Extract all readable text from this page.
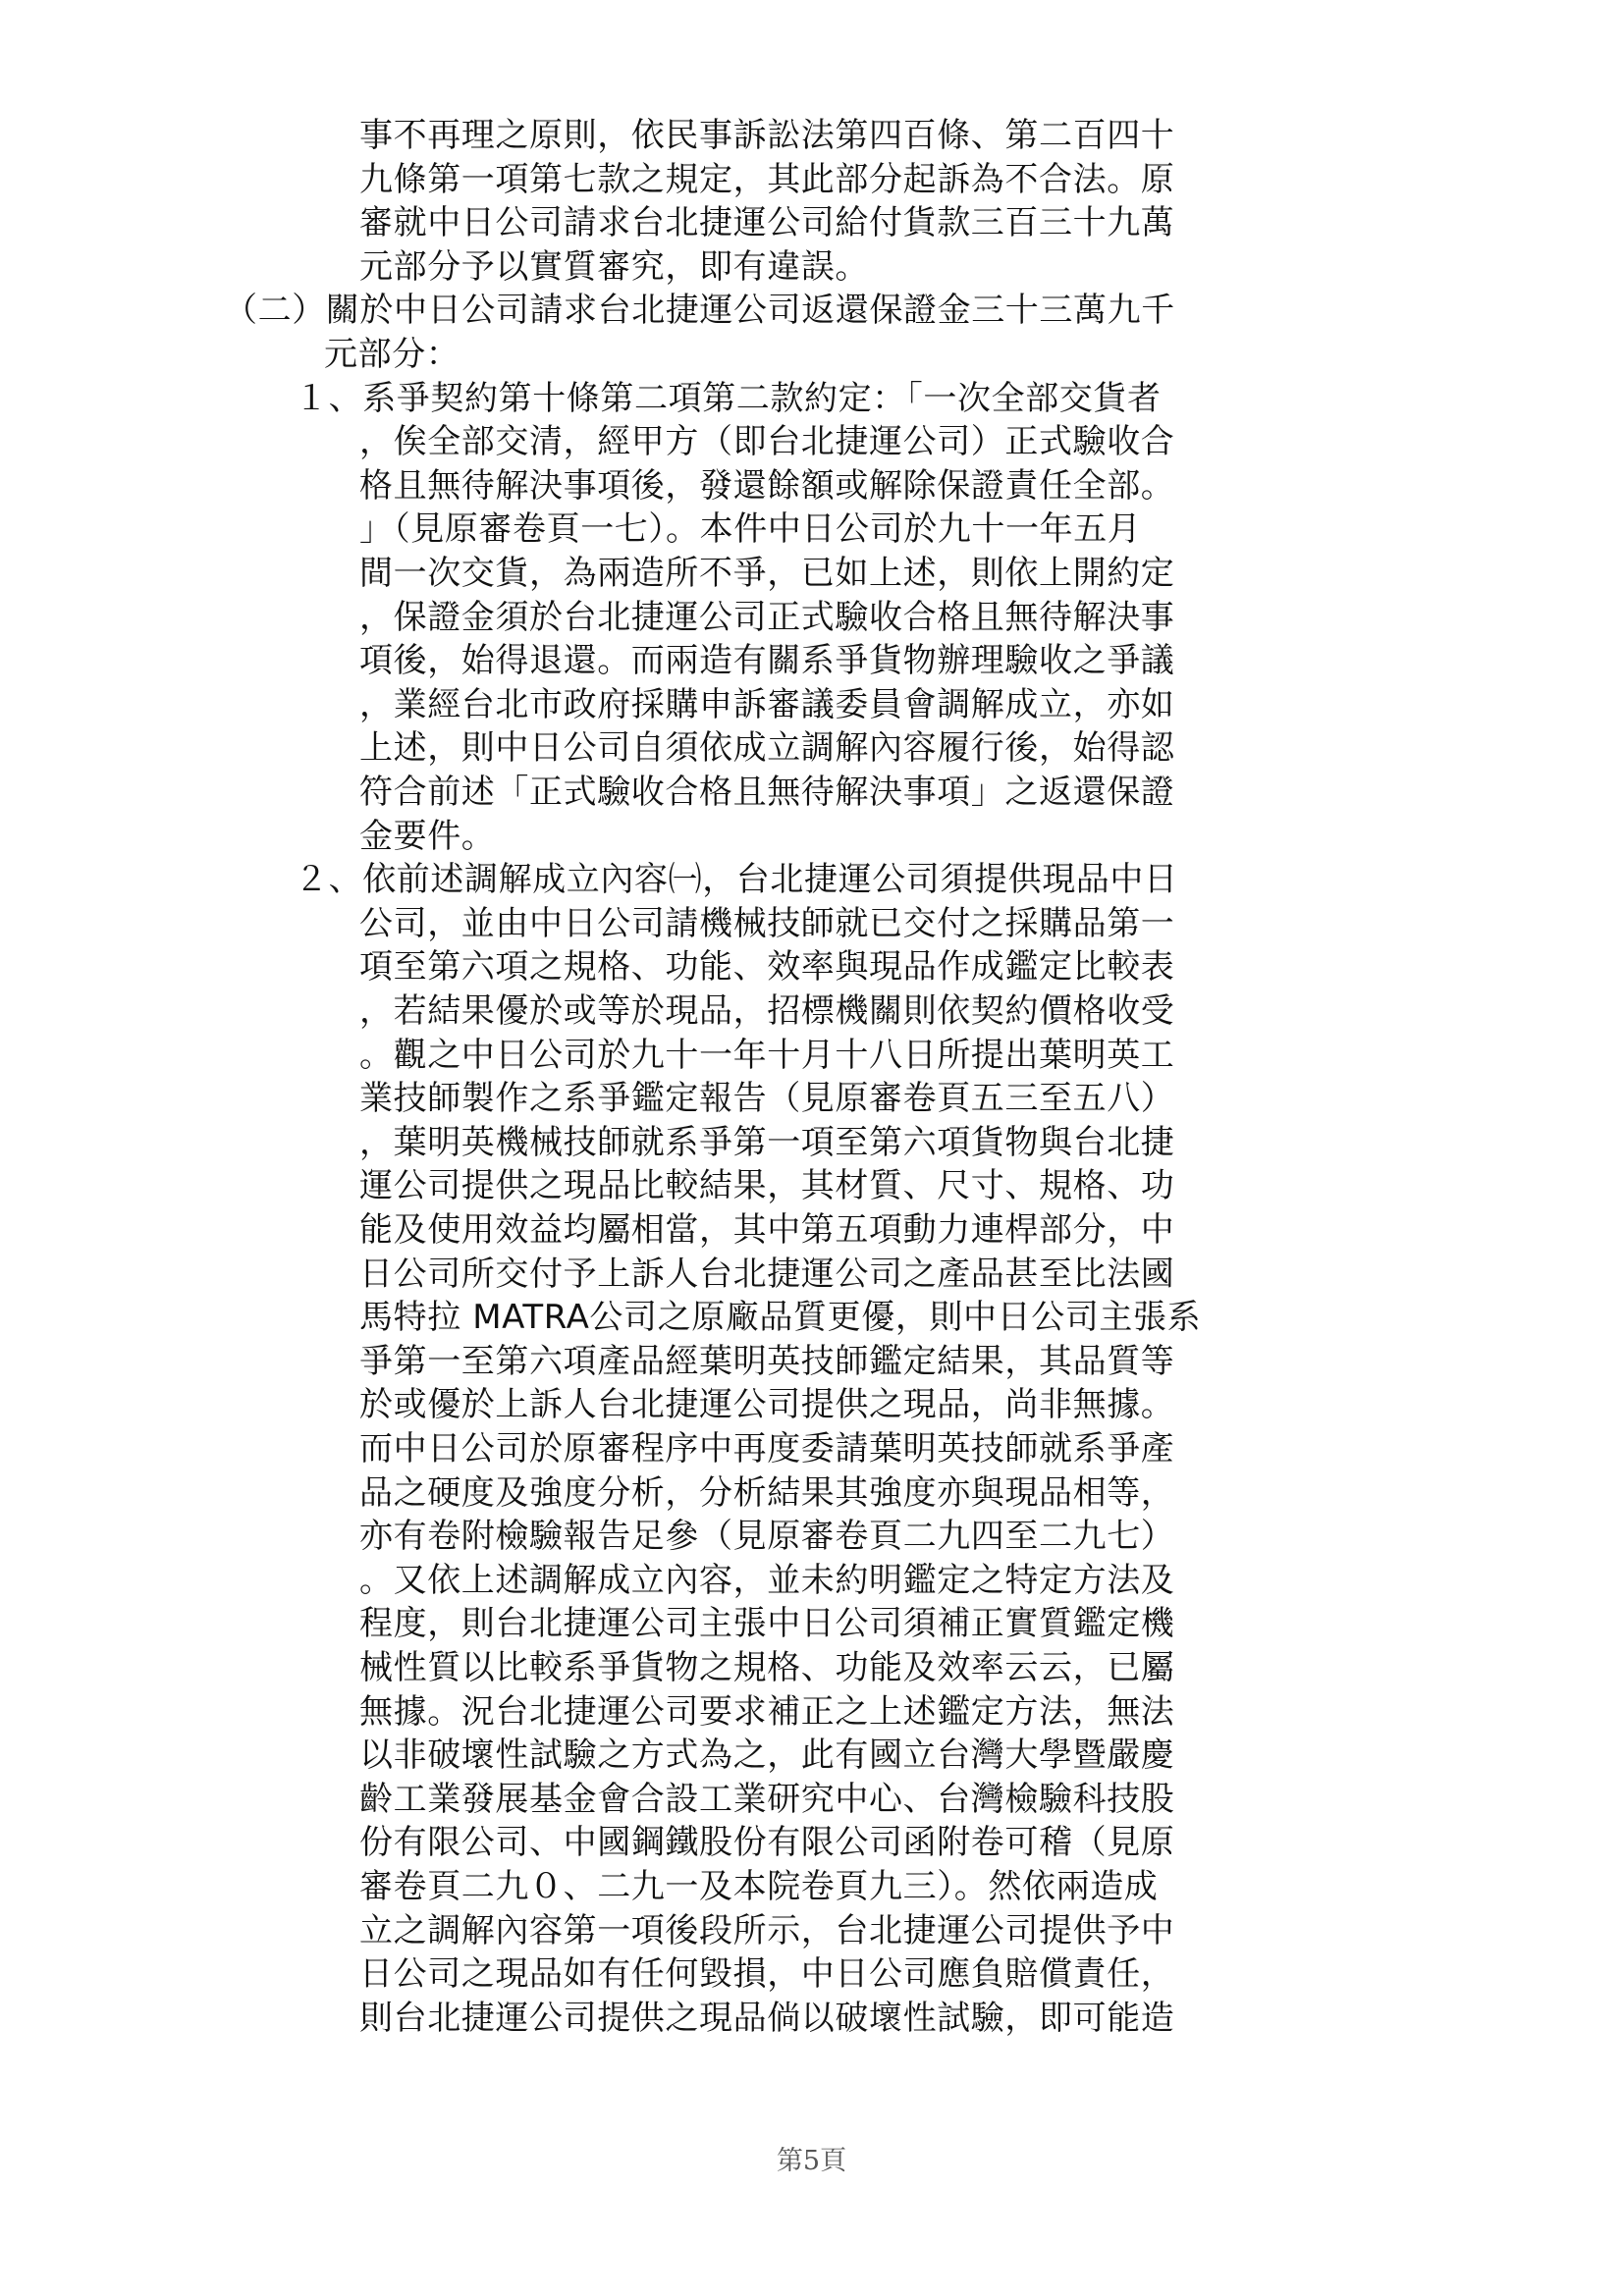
事不再理之原則，依民事訴訟法第四百條、第二百四十
九條第一項第七款之規定，其此部分起訴為不合法。原
審就中日公司請求台北捷運公司給付貨款三百三十九萬
元部分予以實質審究，即有違誤。
（二）關於中日公司請求台北捷運公司返還保證金三十三萬九千
元部分：
１、系爭契約第十條第二項第二款約定：「一次全部交貨者
，俟全部交清，經甲方（即台北捷運公司）正式驗收合
格且無待解決事項後，發還餘額或解除保證責任全部。
」（見原審卷頁一七）。本件中日公司於九十一年五月
間一次交貨，為兩造所不爭，已如上述，則依上開約定
，保證金須於台北捷運公司正式驗收合格且無待解決事
項後，始得退還。而兩造有關系爭貨物辦理驗收之爭議
，業經台北市政府採購申訴審議委員會調解成立，亦如
上述，則中日公司自須依成立調解內容履行後，始得認
符合前述「正式驗收合格且無待解決事項」之返還保證
金要件。
２、依前述調解成立內容㈠，台北捷運公司須提供現品中日
公司，並由中日公司請機械技師就已交付之採購品第一
項至第六項之規格、功能、效率與現品作成鑑定比較表
，若結果優於或等於現品，招標機關則依契約價格收受
。觀之中日公司於九十一年十月十八日所提出葉明英工
業技師製作之系爭鑑定報告（見原審卷頁五三至五八）
，葉明英機械技師就系爭第一項至第六項貨物與台北捷
運公司提供之現品比較結果，其材質、尺寸、規格、功
能及使用效益均屬相當，其中第五項動力連桿部分，中
日公司所交付予上訴人台北捷運公司之產品甚至比法國
馬特拉 MATRA公司之原廠品質更優，則中日公司主張系
爭第一至第六項產品經葉明英技師鑑定結果，其品質等
於或優於上訴人台北捷運公司提供之現品，尚非無據。
而中日公司於原審程序中再度委請葉明英技師就系爭產
品之硬度及強度分析，分析結果其強度亦與現品相等，
亦有卷附檢驗報告足參（見原審卷頁二九四至二九七）
。又依上述調解成立內容，並未約明鑑定之特定方法及
程度，則台北捷運公司主張中日公司須補正實質鑑定機
械性質以比較系爭貨物之規格、功能及效率云云，已屬
無據。況台北捷運公司要求補正之上述鑑定方法，無法
以非破壞性試驗之方式為之，此有國立台灣大學暨嚴慶
齡工業發展基金會合設工業研究中心、台灣檢驗科技股
份有限公司、中國鋼鐵股份有限公司函附卷可稽（見原
審卷頁二九０、二九一及本院卷頁九三）。然依兩造成
立之調解內容第一項後段所示，台北捷運公司提供予中
日公司之現品如有任何毀損，中日公司應負賠償責任，
則台北捷運公司提供之現品倘以破壞性試驗，即可能造
第5頁
